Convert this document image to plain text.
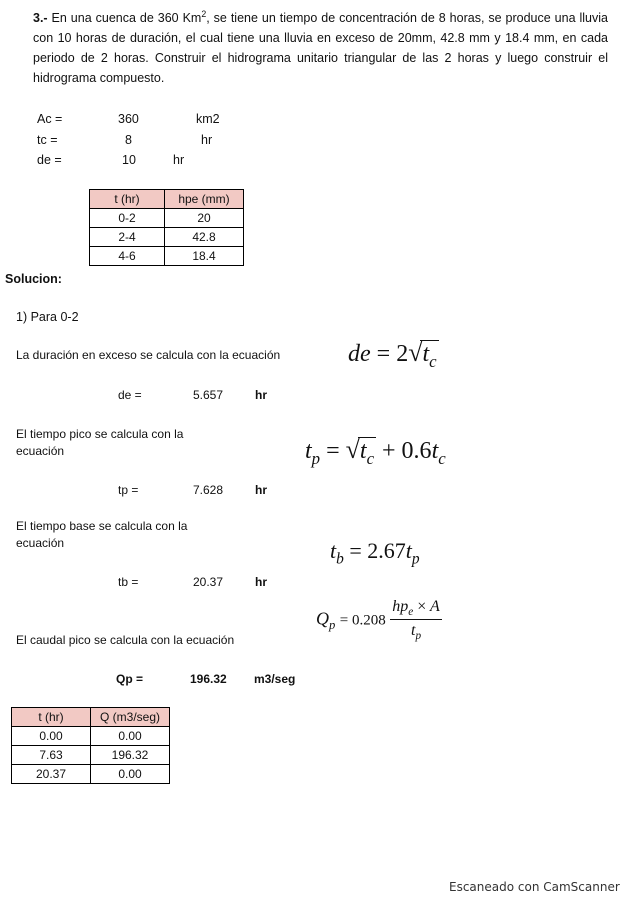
3.- En una cuenca de 360 Km$^2$, se tiene un tiempo de concentración de 8 horas, se produce una lluvia con 10 horas de duración, el cual tiene una lluvia en exceso de 20mm, 42.8 mm y 18.4 mm, en cada periodo de 2 horas. Construir el hidrograma unitario triangular de las 2 horas y luego construir el hidrograma compuesto.
Ac =	360	km2
tc =	8	hr
de =	10	hr
t (hr)	hpe (mm)
0-2	20
2-4	42.8
4-6	18.4
Solucion:
1) Para 0-2
La duración en exceso se calcula con la ecuación	de = $2√t_c$
de =	5.657	hr
El tiempo pico se calcula con la ecuación	$t_p = √t_c + 0.6t_c$
tp =	7.628	hr
El tiempo base se calcula con la ecuación	$t_b = 2.67t_p$
tb =	20.37	hr
El caudal pico se calcula con la ecuación
$Q_p = 0.208 \frac{hp_e \times A}{t_p}$
Qp =	196.32 m3/seg
t (hr)	Q (m3/seg)
0.00	0.00
7.63	196.32
20.37	0.00
Escaneado con CamScanner
